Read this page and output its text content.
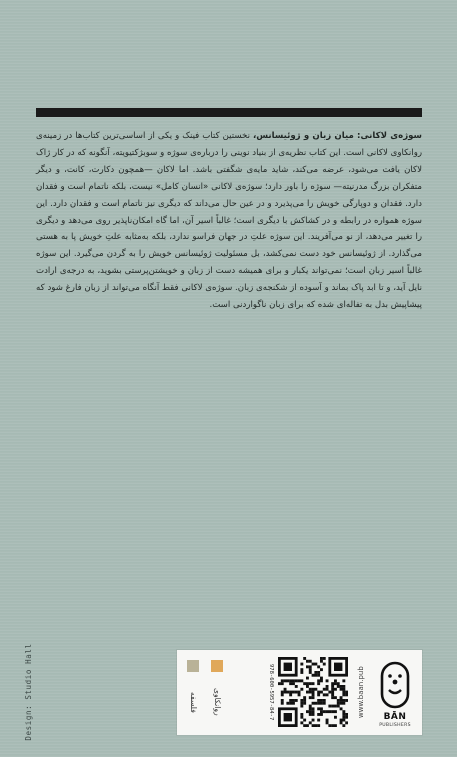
سوژه‌ی لاکانی: میان زبان و ژوئیسانس، نخستین کتاب فینک و یکی از اساسی‌ترین کتاب‌ها در زمینه‌ی روانکاوی لاکانی است. این کتاب نظریه‌ی از بنیاد نوینی را درباره‌ی سوژه و سوبژکتیویته، آنگونه که در کار ژاک لاکان یافت می‌شود، عرضه می‌کند، شاید مایه‌ی شگفتی باشد. اما لاکان —همچون دکارت، کانت، و دیگر متفکران بزرگ مدرنیته— سوژه را باور دارد؛ سوژه‌ی لاکانی «انسان کامل» نیست، بلکه ناتمام است و فقدان دارد. فقدان و دوپارگی خویش را می‌پذیرد و در عین حال می‌داند که دیگری نیز ناتمام است و فقدان دارد. این سوژه همواره در رابطه و در کشاکش با دیگری است؛ غالباً اسیر آن، اما گاه امکان‌ناپذیر روی می‌دهد و دیگری را تغییر می‌دهد، از نو می‌آفریند. این سوژه علتِ در جهان فرا‌سو ندارد، بلکه به‌مثابه علتِ خویش پا به هستی می‌گذارد. از ژوئیسانس خود دست نمی‌کشد، بل مسئولیت ژوئیسانس خویش را به گردن می‌گیرد. این سوژه غالباً اسیر زبان است؛ نمی‌تواند یکبار و برای همیشه دست از زبان و خویشتن‌پرستی بشوید، به درجه‌ی ارادت نایل آید، و تا ابد پاک بماند و آسوده از شکنجه‌ی زبان. سوژه‌ی لاکانی فقط آنگاه می‌تواند از زبان فارغ شود که پیشاپیش بدل به تفاله‌ای شده که برای زبان ناگواردنی است.

Design: Studio Hall	فلسفه	روانکاوی	978-600-5957-84-7	www.baan.pub	BĀN
PUBLISHERS
